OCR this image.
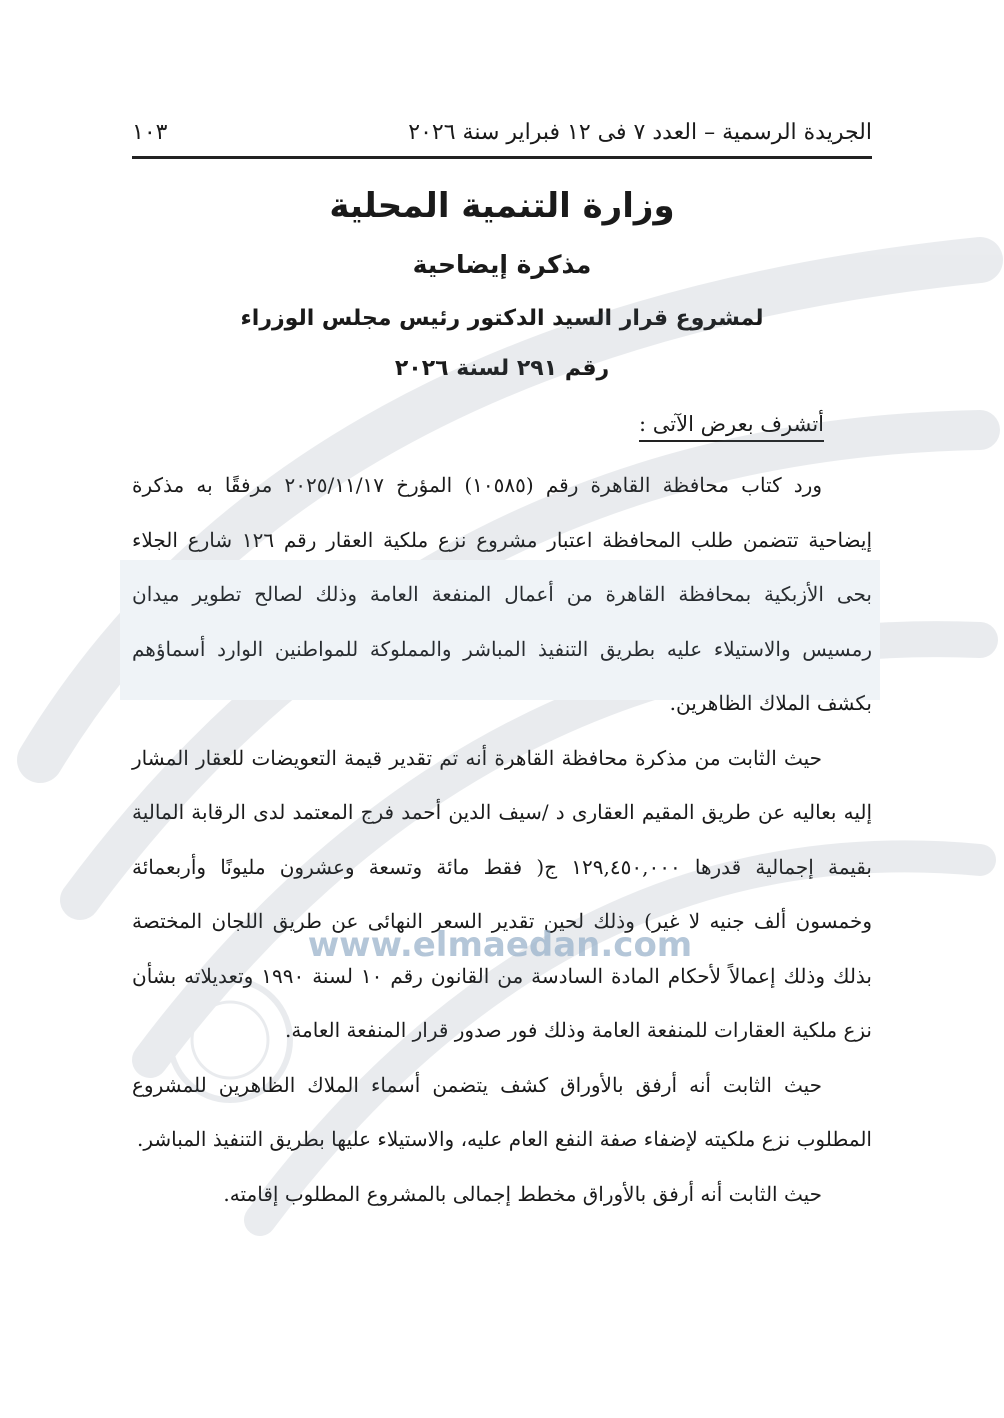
الجريدة الرسمية – العدد ٧ فى ١٢ فبراير سنة ٢٠٢٦
١٠٣
وزارة التنمية المحلية
مذكرة إيضاحية
لمشروع قرار السيد الدكتور رئيس مجلس الوزراء
رقم ٢٩١ لسنة ٢٠٢٦
أتشرف بعرض الآتى :

ورد كتاب محافظة القاهرة رقم (١٠٥٨٥) المؤرخ ٢٠٢٥/١١/١٧ مرفقًا به مذكرة إيضاحية تتضمن طلب المحافظة اعتبار مشروع نزع ملكية العقار رقم ١٢٦ شارع الجلاء بحى الأزبكية بمحافظة القاهرة من أعمال المنفعة العامة وذلك لصالح تطوير ميدان رمسيس والاستيلاء عليه بطريق التنفيذ المباشر والمملوكة للمواطنين الوارد أسماؤهم بكشف الملاك الظاهرين.

حيث الثابت من مذكرة محافظة القاهرة أنه تم تقدير قيمة التعويضات للعقار المشار إليه بعاليه عن طريق المقيم العقارى د /سيف الدين أحمد فرج المعتمد لدى الرقابة المالية بقيمة إجمالية قدرها ١٢٩,٤٥٠,٠٠٠ ج( فقط مائة وتسعة وعشرون مليونًا وأربعمائة وخمسون ألف جنيه لا غير) وذلك لحين تقدير السعر النهائى عن طريق اللجان المختصة بذلك وذلك إعمالاً لأحكام المادة السادسة من القانون رقم ١٠ لسنة ١٩٩٠ وتعديلاته بشأن نزع ملكية العقارات للمنفعة العامة وذلك فور صدور قرار المنفعة العامة.

حيث الثابت أنه أرفق بالأوراق كشف يتضمن أسماء الملاك الظاهرين للمشروع المطلوب نزع ملكيته لإضفاء صفة النفع العام عليه، والاستيلاء عليها بطريق التنفيذ المباشر.

حيث الثابت أنه أرفق بالأوراق مخطط إجمالى بالمشروع المطلوب إقامته.

www.elmaedan.com
